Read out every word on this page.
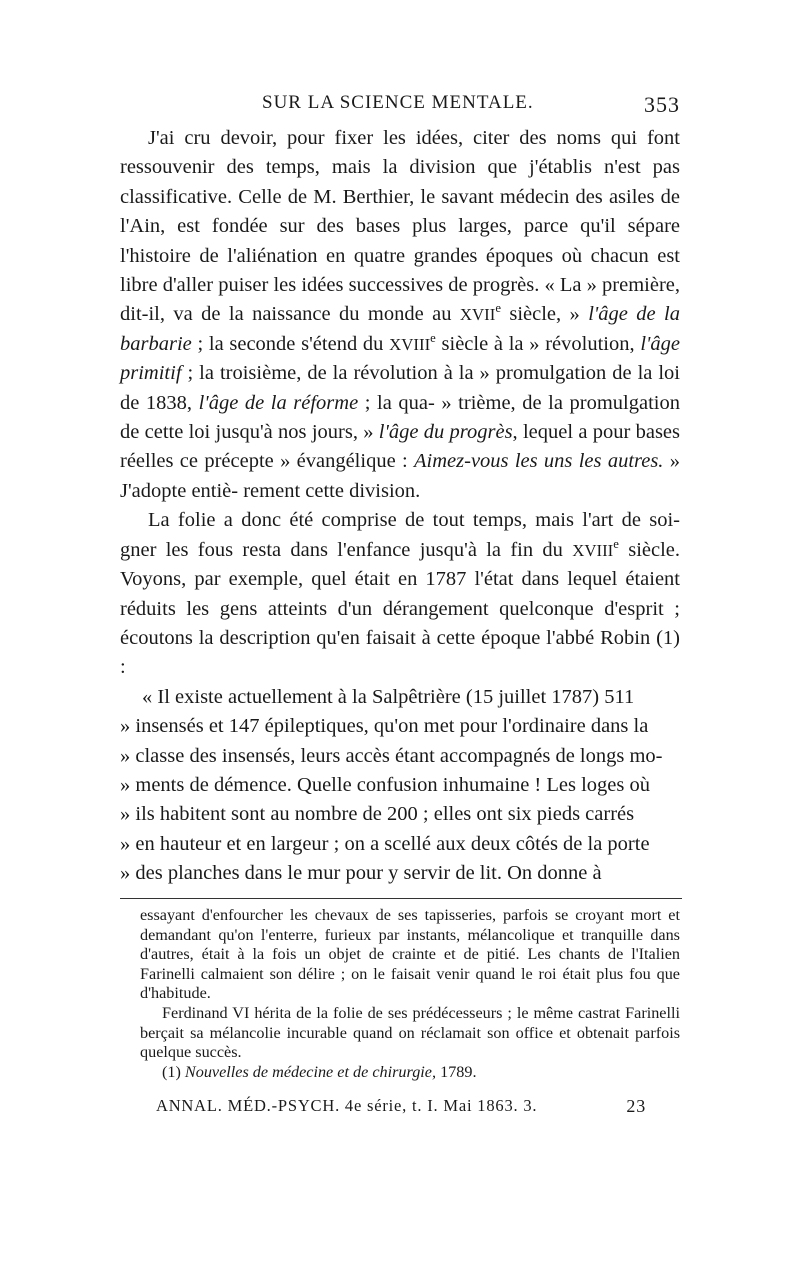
SUR LA SCIENCE MENTALE.	353

J'ai cru devoir, pour fixer les idées, citer des noms qui font ressouvenir des temps, mais la division que j'établis n'est pas classificative. Celle de M. Berthier, le savant médecin des asiles de l'Ain, est fondée sur des bases plus larges, parce qu'il sépare l'histoire de l'aliénation en quatre grandes époques où chacun est libre d'aller puiser les idées successives de progrès. « La » première, dit-il, va de la naissance du monde au XVIIe siècle, » l'âge de la barbarie ; la seconde s'étend du XVIIIe siècle à la » révolution, l'âge primitif ; la troisième, de la révolution à la » promulgation de la loi de 1838, l'âge de la réforme ; la qua- » trième, de la promulgation de cette loi jusqu'à nos jours, » l'âge du progrès, lequel a pour bases réelles ce précepte » évangélique : Aimez-vous les uns les autres. » J'adopte entiè- rement cette division.

La folie a donc été comprise de tout temps, mais l'art de soi- gner les fous resta dans l'enfance jusqu'à la fin du XVIIIe siècle. Voyons, par exemple, quel était en 1787 l'état dans lequel étaient réduits les gens atteints d'un dérangement quelconque d'esprit ; écoutons la description qu'en faisait à cette époque l'abbé Robin (1) :

« Il existe actuellement à la Salpêtrière (15 juillet 1787) 511
» insensés et 147 épileptiques, qu'on met pour l'ordinaire dans la
» classe des insensés, leurs accès étant accompagnés de longs mo-
» ments de démence. Quelle confusion inhumaine ! Les loges où
» ils habitent sont au nombre de 200 ; elles ont six pieds carrés
» en hauteur et en largeur ; on a scellé aux deux côtés de la porte
» des planches dans le mur pour y servir de lit. On donne à

essayant d'enfourcher les chevaux de ses tapisseries, parfois se croyant mort et demandant qu'on l'enterre, furieux par instants, mélancolique et tranquille dans d'autres, était à la fois un objet de crainte et de pitié. Les chants de l'Italien Farinelli calmaient son délire ; on le faisait venir quand le roi était plus fou que d'habitude.

Ferdinand VI hérita de la folie de ses prédécesseurs ; le même castrat Farinelli berçait sa mélancolie incurable quand on réclamait son office et obtenait parfois quelque succès.

(1) Nouvelles de médecine et de chirurgie, 1789.

ANNAL. MÉD.-PSYCH. 4e série, t. I. Mai 1863. 3.	23
